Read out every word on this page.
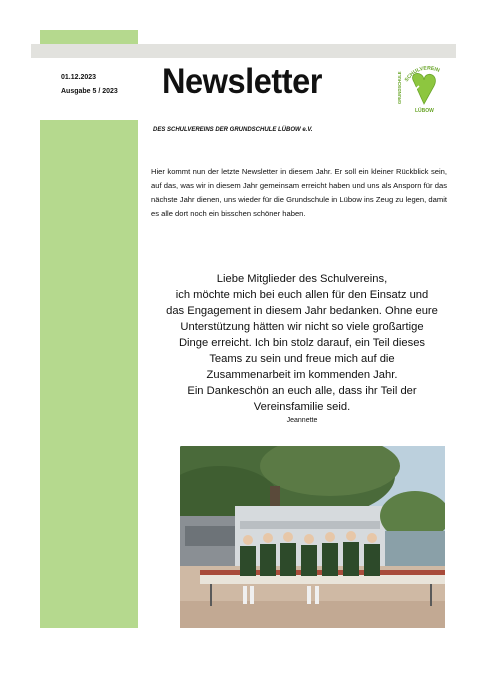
01.12.2023
Ausgabe 5 / 2023 Newsletter	SCHULVEREIN
GRUNDSCHULE
LÜBOW
DES SCHULVEREINS DER GRUNDSCHULE LÜBOW e.V.
Hier kommt nun der letzte Newsletter in diesem Jahr. Er soll ein kleiner Rückblick sein, auf das, was wir in diesem Jahr gemeinsam erreicht haben und uns als Ansporn für das nächste Jahr dienen, uns wieder für die Grundschule in Lübow ins Zeug zu legen, damit es alle dort noch ein bisschen schöner haben.
Liebe Mitglieder des Schulvereins,
ich möchte mich bei euch allen für den Einsatz und
das Engagement in diesem Jahr bedanken. Ohne eure
Unterstützung hätten wir nicht so viele großartige
Dinge erreicht. Ich bin stolz darauf, ein Teil dieses
Teams zu sein und freue mich auf die
Zusammenarbeit im kommenden Jahr.
Ein Dankeschön an euch alle, dass ihr Teil der
Vereinsfamilie seid.
Jeannette
